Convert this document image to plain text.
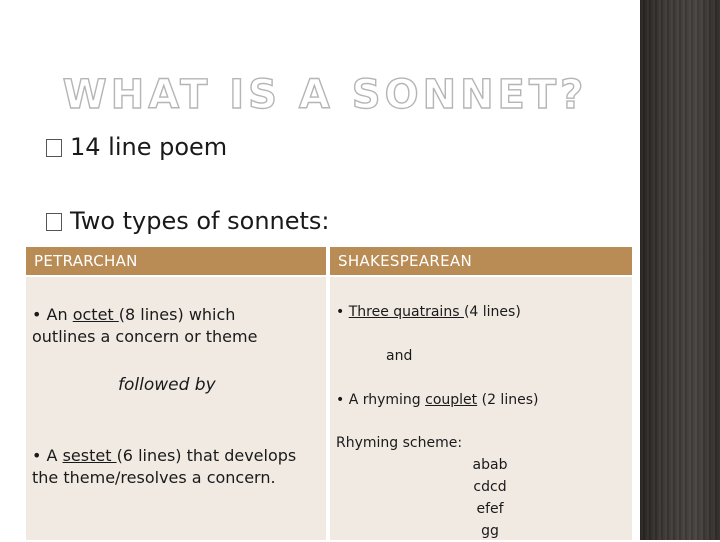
WHAT IS A SONNET?
14 line poem
Two types of sonnets:
PETRARCHAN	SHAKESPEAREAN
• An octet (8 lines) which
outlines a concern or theme
followed by
• A sestet (6 lines) that develops
the theme/resolves a concern.
• Three quatrains (4 lines)
and
• A rhyming couplet (2 lines)
Rhyming scheme:
abab
cdcd
efef
gg
